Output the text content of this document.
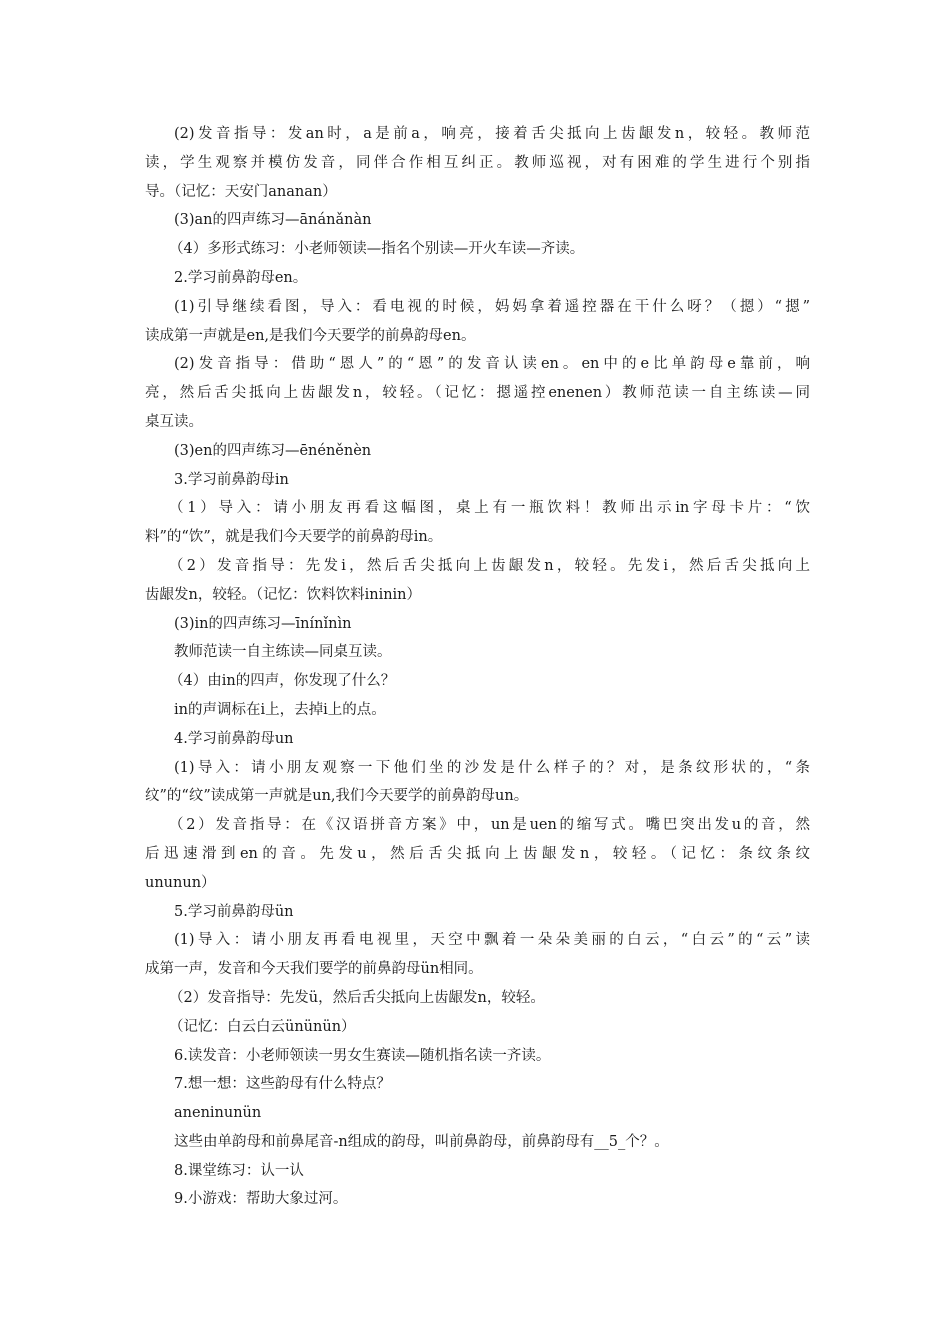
(2)发音指导：发an时，a是前a，响亮，接着舌尖抵向上齿龈发n，较轻。教师范
读，学生观察并模仿发音，同伴合作相互纠正。教师巡视，对有困难的学生进行个别指
导。（记忆：天安门ananan）
(3)an的四声练习—ānánǎnàn
（4）多形式练习：小老师领读—指名个别读—开火车读—齐读。
2.学习前鼻韵母en。
(1)引导继续看图，导入：看电视的时候，妈妈拿着遥控器在干什么呀？（摁）“摁”
读成第一声就是en,是我们今天要学的前鼻韵母en。
(2)发音指导：借助“恩人”的“恩”的发音认读en。en中的e比单韵母e靠前，响
亮，然后舌尖抵向上齿龈发n，较轻。（记忆：摁遥控enenen）教师范读一自主练读—同
桌互读。
(3)en的四声练习—ēnéněnèn
3.学习前鼻韵母in
（1）导入：请小朋友再看这幅图，桌上有一瓶饮料！教师出示in字母卡片：“饮
料”的“饮”，就是我们今天要学的前鼻韵母in。
（2）发音指导：先发i，然后舌尖抵向上齿龈发n，较轻。先发i，然后舌尖抵向上
齿龈发n，较轻。（记忆：饮料饮料ininin）
(3)in的四声练习—īnínǐnìn
教师范读一自主练读—同桌互读。
（4）由in的四声，你发现了什么？
in的声调标在i上，去掉i上的点。
4.学习前鼻韵母un
(1)导入：请小朋友观察一下他们坐的沙发是什么样子的？对，是条纹形状的，“条
纹”的“纹”读成第一声就是un,我们今天要学的前鼻韵母un。
（2）发音指导：在《汉语拼音方案》中，un是uen的缩写式。嘴巴突出发u的音，然
后迅速滑到en的音。先发u，然后舌尖抵向上齿龈发n，较轻。（记忆：条纹条纹
ununun）
5.学习前鼻韵母ün
(1)导入：请小朋友再看电视里，天空中飘着一朵朵美丽的白云，“白云”的“云”读
成第一声，发音和今天我们要学的前鼻韵母ün相同。
（2）发音指导：先发ü，然后舌尖抵向上齿龈发n，较轻。
（记忆：白云白云ününün）
6.读发音：小老师领读一男女生赛读—随机指名读一齐读。
7.想一想：这些韵母有什么特点？
aneninunün
这些由单韵母和前鼻尾音-n组成的韵母，叫前鼻韵母，前鼻韵母有__5_个？。
8.课堂练习：认一认
9.小游戏：帮助大象过河。
